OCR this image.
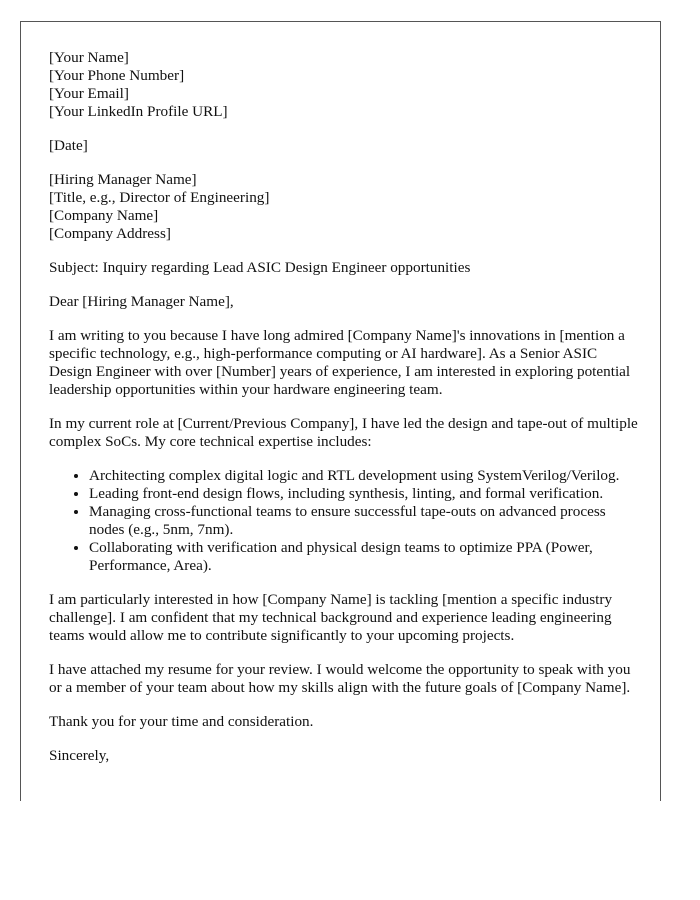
[Your Name]
[Your Phone Number]
[Your Email]
[Your LinkedIn Profile URL]
[Date]
[Hiring Manager Name]
[Title, e.g., Director of Engineering]
[Company Name]
[Company Address]

Subject: Inquiry regarding Lead ASIC Design Engineer opportunities

Dear [Hiring Manager Name],

I am writing to you because I have long admired [Company Name]'s innovations in [mention a specific technology, e.g., high-performance computing or AI hardware]. As a Senior ASIC Design Engineer with over [Number] years of experience, I am interested in exploring potential leadership opportunities within your hardware engineering team.

In my current role at [Current/Previous Company], I have led the design and tape-out of multiple complex SoCs. My core technical expertise includes:

• Architecting complex digital logic and RTL development using SystemVerilog/Verilog.
• Leading front-end design flows, including synthesis, linting, and formal verification.
• Managing cross-functional teams to ensure successful tape-outs on advanced process nodes (e.g., 5nm, 7nm).
• Collaborating with verification and physical design teams to optimize PPA (Power, Performance, Area).

I am particularly interested in how [Company Name] is tackling [mention a specific industry challenge]. I am confident that my technical background and experience leading engineering teams would allow me to contribute significantly to your upcoming projects.

I have attached my resume for your review. I would welcome the opportunity to speak with you or a member of your team about how my skills align with the future goals of [Company Name].

Thank you for your time and consideration.

Sincerely,
